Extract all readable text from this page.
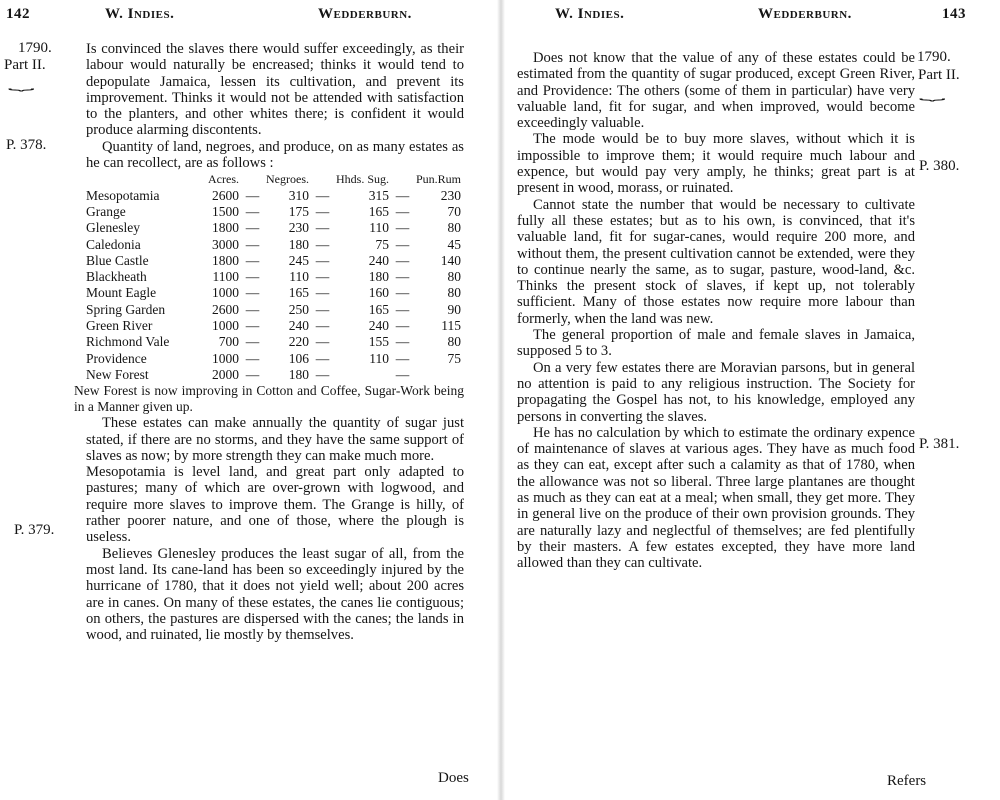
142	W. Indies.	Wedderburn.
1790.
Part II.
⏟
P. 378.
P. 379.

Is convinced the slaves there would suffer exceedingly, as their labour would naturally be encreased; thinks it would tend to depopulate Jamaica, lessen its cultivation, and prevent its improvement. Thinks it would not be attended with satisfaction to the planters, and other whites there; is confident it would produce alarming discontents.

Quantity of land, negroes, and produce, on as many estates as he can recollect, are as follows :

	Acres.		Negroes.		Hhds. Sug.		Pun.Rum
Mesopotamia	2600	—	310	—	315	—	230
Grange	1500	—	175	—	165	—	70
Glenesley	1800	—	230	—	110	—	80
Caledonia	3000	—	180	—	75	—	45
Blue Castle	1800	—	245	—	240	—	140
Blackheath	1100	—	110	—	180	—	80
Mount Eagle	1000	—	165	—	160	—	80
Spring Garden	2600	—	250	—	165	—	90
Green River	1000	—	240	—	240	—	115
Richmond Vale	700	—	220	—	155	—	80
Providence	1000	—	106	—	110	—	75
New Forest	2000	—	180	—		—	

New Forest is now improving in Cotton and Coffee, Sugar-Work being in a Manner given up.

These estates can make annually the quantity of sugar just stated, if there are no storms, and they have the same support of slaves as now; by more strength they can make much more.

Mesopotamia is level land, and great part only adapted to pastures; many of which are over-grown with logwood, and require more slaves to improve them. The Grange is hilly, of rather poorer nature, and one of those, where the plough is useless.

Believes Glenesley produces the least sugar of all, from the most land. Its cane-land has been so exceedingly injured by the hurricane of 1780, that it does not yield well; about 200 acres are in canes. On many of these estates, the canes lie contiguous; on others, the pastures are dispersed with the canes; the lands in wood, and ruinated, lie mostly by themselves.

Does
W. Indies.	Wedderburn.	143
1790.
Part II.
⏟
P. 380.
P. 381.

Does not know that the value of any of these estates could be estimated from the quantity of sugar produced, except Green River, and Providence: The others (some of them in particular) have very valuable land, fit for sugar, and when improved, would become exceedingly valuable.

The mode would be to buy more slaves, without which it is impossible to improve them; it would require much labour and expence, but would pay very amply, he thinks; great part is at present in wood, morass, or ruinated.

Cannot state the number that would be necessary to cultivate fully all these estates; but as to his own, is convinced, that it's valuable land, fit for sugar-canes, would require 200 more, and without them, the present cultivation cannot be extended, were they to continue nearly the same, as to sugar, pasture, wood-land, &c. Thinks the present stock of slaves, if kept up, not tolerably sufficient. Many of those estates now require more labour than formerly, when the land was new.

The general proportion of male and female slaves in Jamaica, supposed 5 to 3.

On a very few estates there are Moravian parsons, but in general no attention is paid to any religious instruction. The Society for propagating the Gospel has not, to his knowledge, employed any persons in converting the slaves.

He has no calculation by which to estimate the ordinary expence of maintenance of slaves at various ages. They have as much food as they can eat, except after such a calamity as that of 1780, when the allowance was not so liberal. Three large plantanes are thought as much as they can eat at a meal; when small, they get more. They in general live on the produce of their own provision grounds. They are naturally lazy and neglectful of themselves; are fed plentifully by their masters. A few estates excepted, they have more land allowed than they can cultivate.

Refers
